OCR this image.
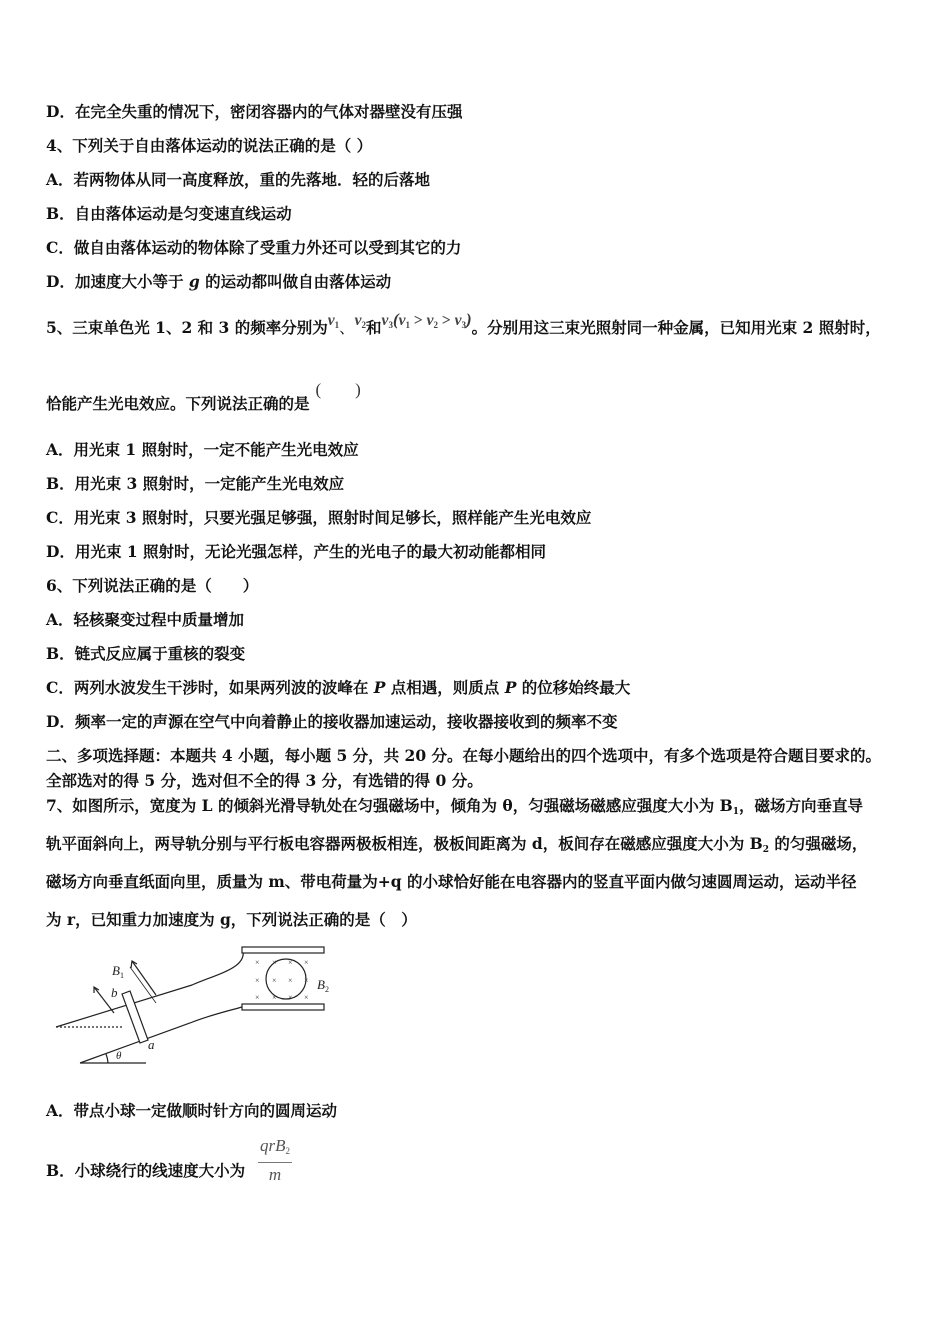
D．在完全失重的情况下，密闭容器内的气体对器壁没有压强
4、下列关于自由落体运动的说法正确的是（ ）
A．若两物体从同一高度释放，重的先落地．轻的后落地
B．自由落体运动是匀变速直线运动
C．做自由落体运动的物体除了受重力外还可以受到其它的力
D．加速度大小等于 g 的运动都叫做自由落体运动
5、三束单色光 1、2 和 3 的频率分别为$v_1$、$v_2$和$v_3(v_1 > v_2 > v_3)$。分别用这三束光照射同一种金属，已知用光束 2 照射时，
恰能产生光电效应。下列说法正确的是(　　)
A．用光束 1 照射时，一定不能产生光电效应
B．用光束 3 照射时，一定能产生光电效应
C．用光束 3 照射时，只要光强足够强，照射时间足够长，照样能产生光电效应
D．用光束 1 照射时，无论光强怎样，产生的光电子的最大初动能都相同
6、下列说法正确的是（　　）
A．轻核聚变过程中质量增加
B．链式反应属于重核的裂变
C．两列水波发生干涉时，如果两列波的波峰在 P 点相遇，则质点 P 的位移始终最大
D．频率一定的声源在空气中向着静止的接收器加速运动，接收器接收到的频率不变
二、多项选择题：本题共 4 小题，每小题 5 分，共 20 分。在每小题给出的四个选项中，有多个选项是符合题目要求的。
全部选对的得 5 分，选对但不全的得 3 分，有选错的得 0 分。
7、如图所示，宽度为 L 的倾斜光滑导轨处在匀强磁场中，倾角为 θ，匀强磁场磁感应强度大小为 $B_1$，磁场方向垂直导
轨平面斜向上，两导轨分别与平行板电容器两极板相连，极板间距离为 d，板间存在磁感应强度大小为 $B_2$ 的匀强磁场，
磁场方向垂直纸面向里，质量为 m、带电荷量为+q 的小球恰好能在电容器内的竖直平面内做匀速圆周运动，运动半径
为 r，已知重力加速度为 g，下列说法正确的是（　）
× × × ×
× × × ×
× × × ×
$B_1$
$B_2$
b
a
θ
A．带点小球一定做顺时针方向的圆周运动
B．小球绕行的线速度大小为
qrB$_2$
m
